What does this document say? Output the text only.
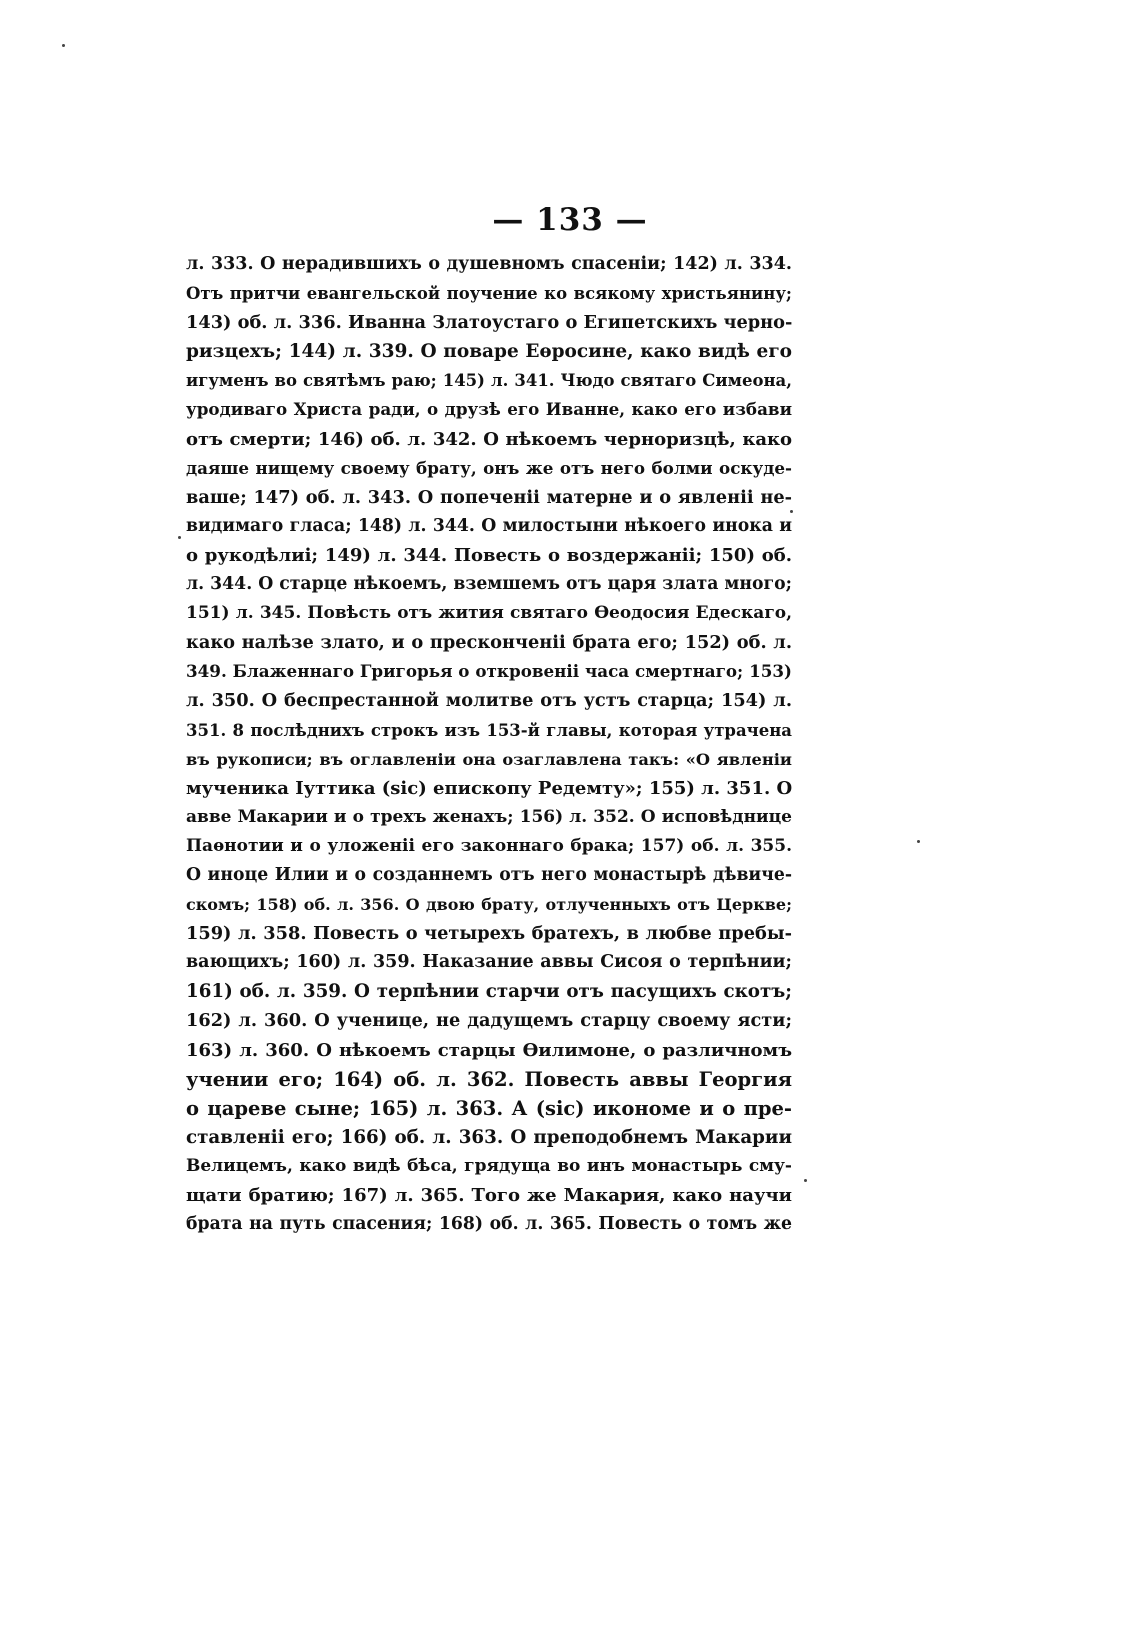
— 133 —
л. 333. О нерадившихъ о душевномъ спасеніи; 142) л. 334.
Отъ притчи евангельской поучение ко всякому христьянину;
143) об. л. 336. Иванна Златоустаго о Египетскихъ черно-
ризцехъ; 144) л. 339. О поваре Еѳросине, како видѣ его
игуменъ во святѣмъ раю; 145) л. 341. Чюдо святаго Симеона,
уродиваго Христа ради, о друзѣ его Иванне, како его избави
отъ смерти; 146) об. л. 342. О нѣкоемъ черноризцѣ, како
даяше нищему своему брату, онъ же отъ него болми оскуде-
ваше; 147) об. л. 343. О попеченіі матерне и о явленіі не-
видимаго гласа; 148) л. 344. О милостыни нѣкоего инока и
о рукодѣлиі; 149) л. 344. Повесть о воздержаніі; 150) об.
л. 344. О старце нѣкоемъ, вземшемъ отъ царя злата много;
151) л. 345. Повѣсть отъ жития святаго Ѳеодосия Едескаго,
како налѣзе злато, и о пресконченіі брата его; 152) об. л.
349. Блаженнаго Григорья о откровеніі часа смертнаго; 153)
л. 350. О беспрестанной молитве отъ устъ старца; 154) л.
351. 8 послѣднихъ строкъ изъ 153-й главы, которая утрачена
въ рукописи; въ оглавленіи она озаглавлена такъ: «О явленіи
мученика Іуттика (sic) епископу Редемту»; 155) л. 351. О
авве Макарии и о трехъ женахъ; 156) л. 352. О исповѣднице
Паѳнотии и о уложеніі его законнаго брака; 157) об. л. 355.
О иноце Илии и о созданнемъ отъ него монастырѣ дѣвиче-
скомъ; 158) об. л. 356. О двою брату, отлученныхъ отъ Церкве;
159) л. 358. Повесть о четырехъ братехъ, в любве пребы-
вающихъ; 160) л. 359. Наказание аввы Сисоя о терпѣнии;
161) об. л. 359. О терпѣнии старчи отъ пасущихъ скотъ;
162) л. 360. О ученице, не дадущемъ старцу своему ясти;
163) л. 360. О нѣкоемъ старцы Ѳилимоне, о различномъ
учении его; 164) об. л. 362. Повесть аввы Георгия
о цареве сыне; 165) л. 363. А (sic) икономе и о пре-
ставленіі его; 166) об. л. 363. О преподобнемъ Макарии
Велицемъ, како видѣ бѣса, грядуща во инъ монастырь сму-
щати братию; 167) л. 365. Того же Макария, како научи
брата на путь спасения; 168) об. л. 365. Повесть о томъ же
